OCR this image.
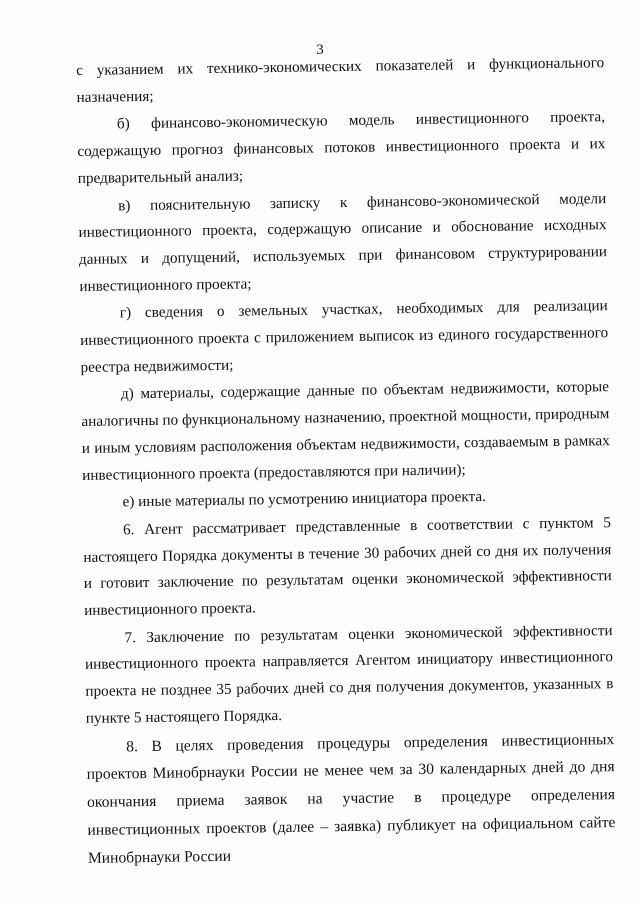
3

с указанием их технико-экономических показателей и функционального назначения;

б) финансово-экономическую модель инвестиционного проекта, содержащую прогноз финансовых потоков инвестиционного проекта и их предварительный анализ;

в) пояснительную записку к финансово-экономической модели инвестиционного проекта, содержащую описание и обоснование исходных данных и допущений, используемых при финансовом структурировании инвестиционного проекта;

г) сведения о земельных участках, необходимых для реализации инвестиционного проекта с приложением выписок из единого государственного реестра недвижимости;

д) материалы, содержащие данные по объектам недвижимости, которые аналогичны по функциональному назначению, проектной мощности, природным и иным условиям расположения объектам недвижимости, создаваемым в рамках инвестиционного проекта (предоставляются при наличии);

е) иные материалы по усмотрению инициатора проекта.

6. Агент рассматривает представленные в соответствии с пунктом 5 настоящего Порядка документы в течение 30 рабочих дней со дня их получения и готовит заключение по результатам оценки экономической эффективности инвестиционного проекта.

7. Заключение по результатам оценки экономической эффективности инвестиционного проекта направляется Агентом инициатору инвестиционного проекта не позднее 35 рабочих дней со дня получения документов, указанных в пункте 5 настоящего Порядка.

8. В целях проведения процедуры определения инвестиционных проектов Минобрнауки России не менее чем за 30 календарных дней до дня окончания приема заявок на участие в процедуре определения инвестиционных проектов (далее – заявка) публикует на официальном сайте Минобрнауки России
